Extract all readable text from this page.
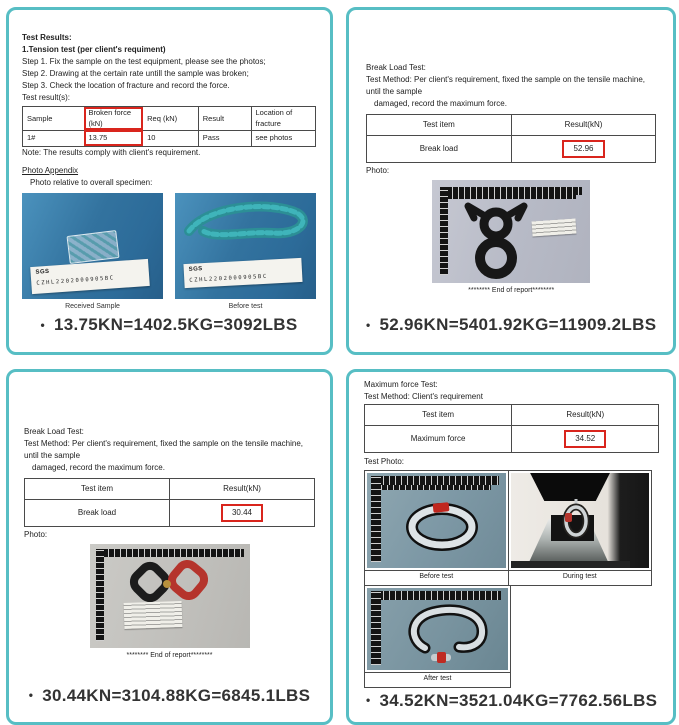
Test Results:
1.Tension test (per client's requiment)
Step 1. Fix the sample on the test equipment, please see the photos;
Step 2. Drawing at the certain rate untill the sample was broken;
Step 3. Check the location of fracture and record the force.
Test result(s):
Sample	Broken force (kN)	Req (kN)	Result	Location of fracture
1#	13.75	10	Pass	see photos
Note: The results comply with client's requirement.
Photo Appendix
Photo relative to overall specimen:
SGS
CZHL2202000905BC
SGS
CZHL2202000905BC
Received Sample	Before test
• 13.75KN=1402.5KG=3092LBS
Break Load Test:
Test Method: Per client's requirement, fixed the sample on the tensile machine, until the sample
damaged, record the maximum force.
Test item	Result(kN)
Break load	52.96
Photo:
******** End of report********
• 52.96KN=5401.92KG=11909.2LBS
Break Load Test:
Test Method: Per client's requirement, fixed the sample on the tensile machine, until the sample
damaged, record the maximum force.
Test item	Result(kN)
Break load	30.44
Photo:
******** End of report********
• 30.44KN=3104.88KG=6845.1LBS
Maximum force Test:
Test Method: Client's requirement
Test item	Result(kN)
Maximum force	34.52
Test Photo:

Before test	During test

After test
• 34.52KN=3521.04KG=7762.56LBS
